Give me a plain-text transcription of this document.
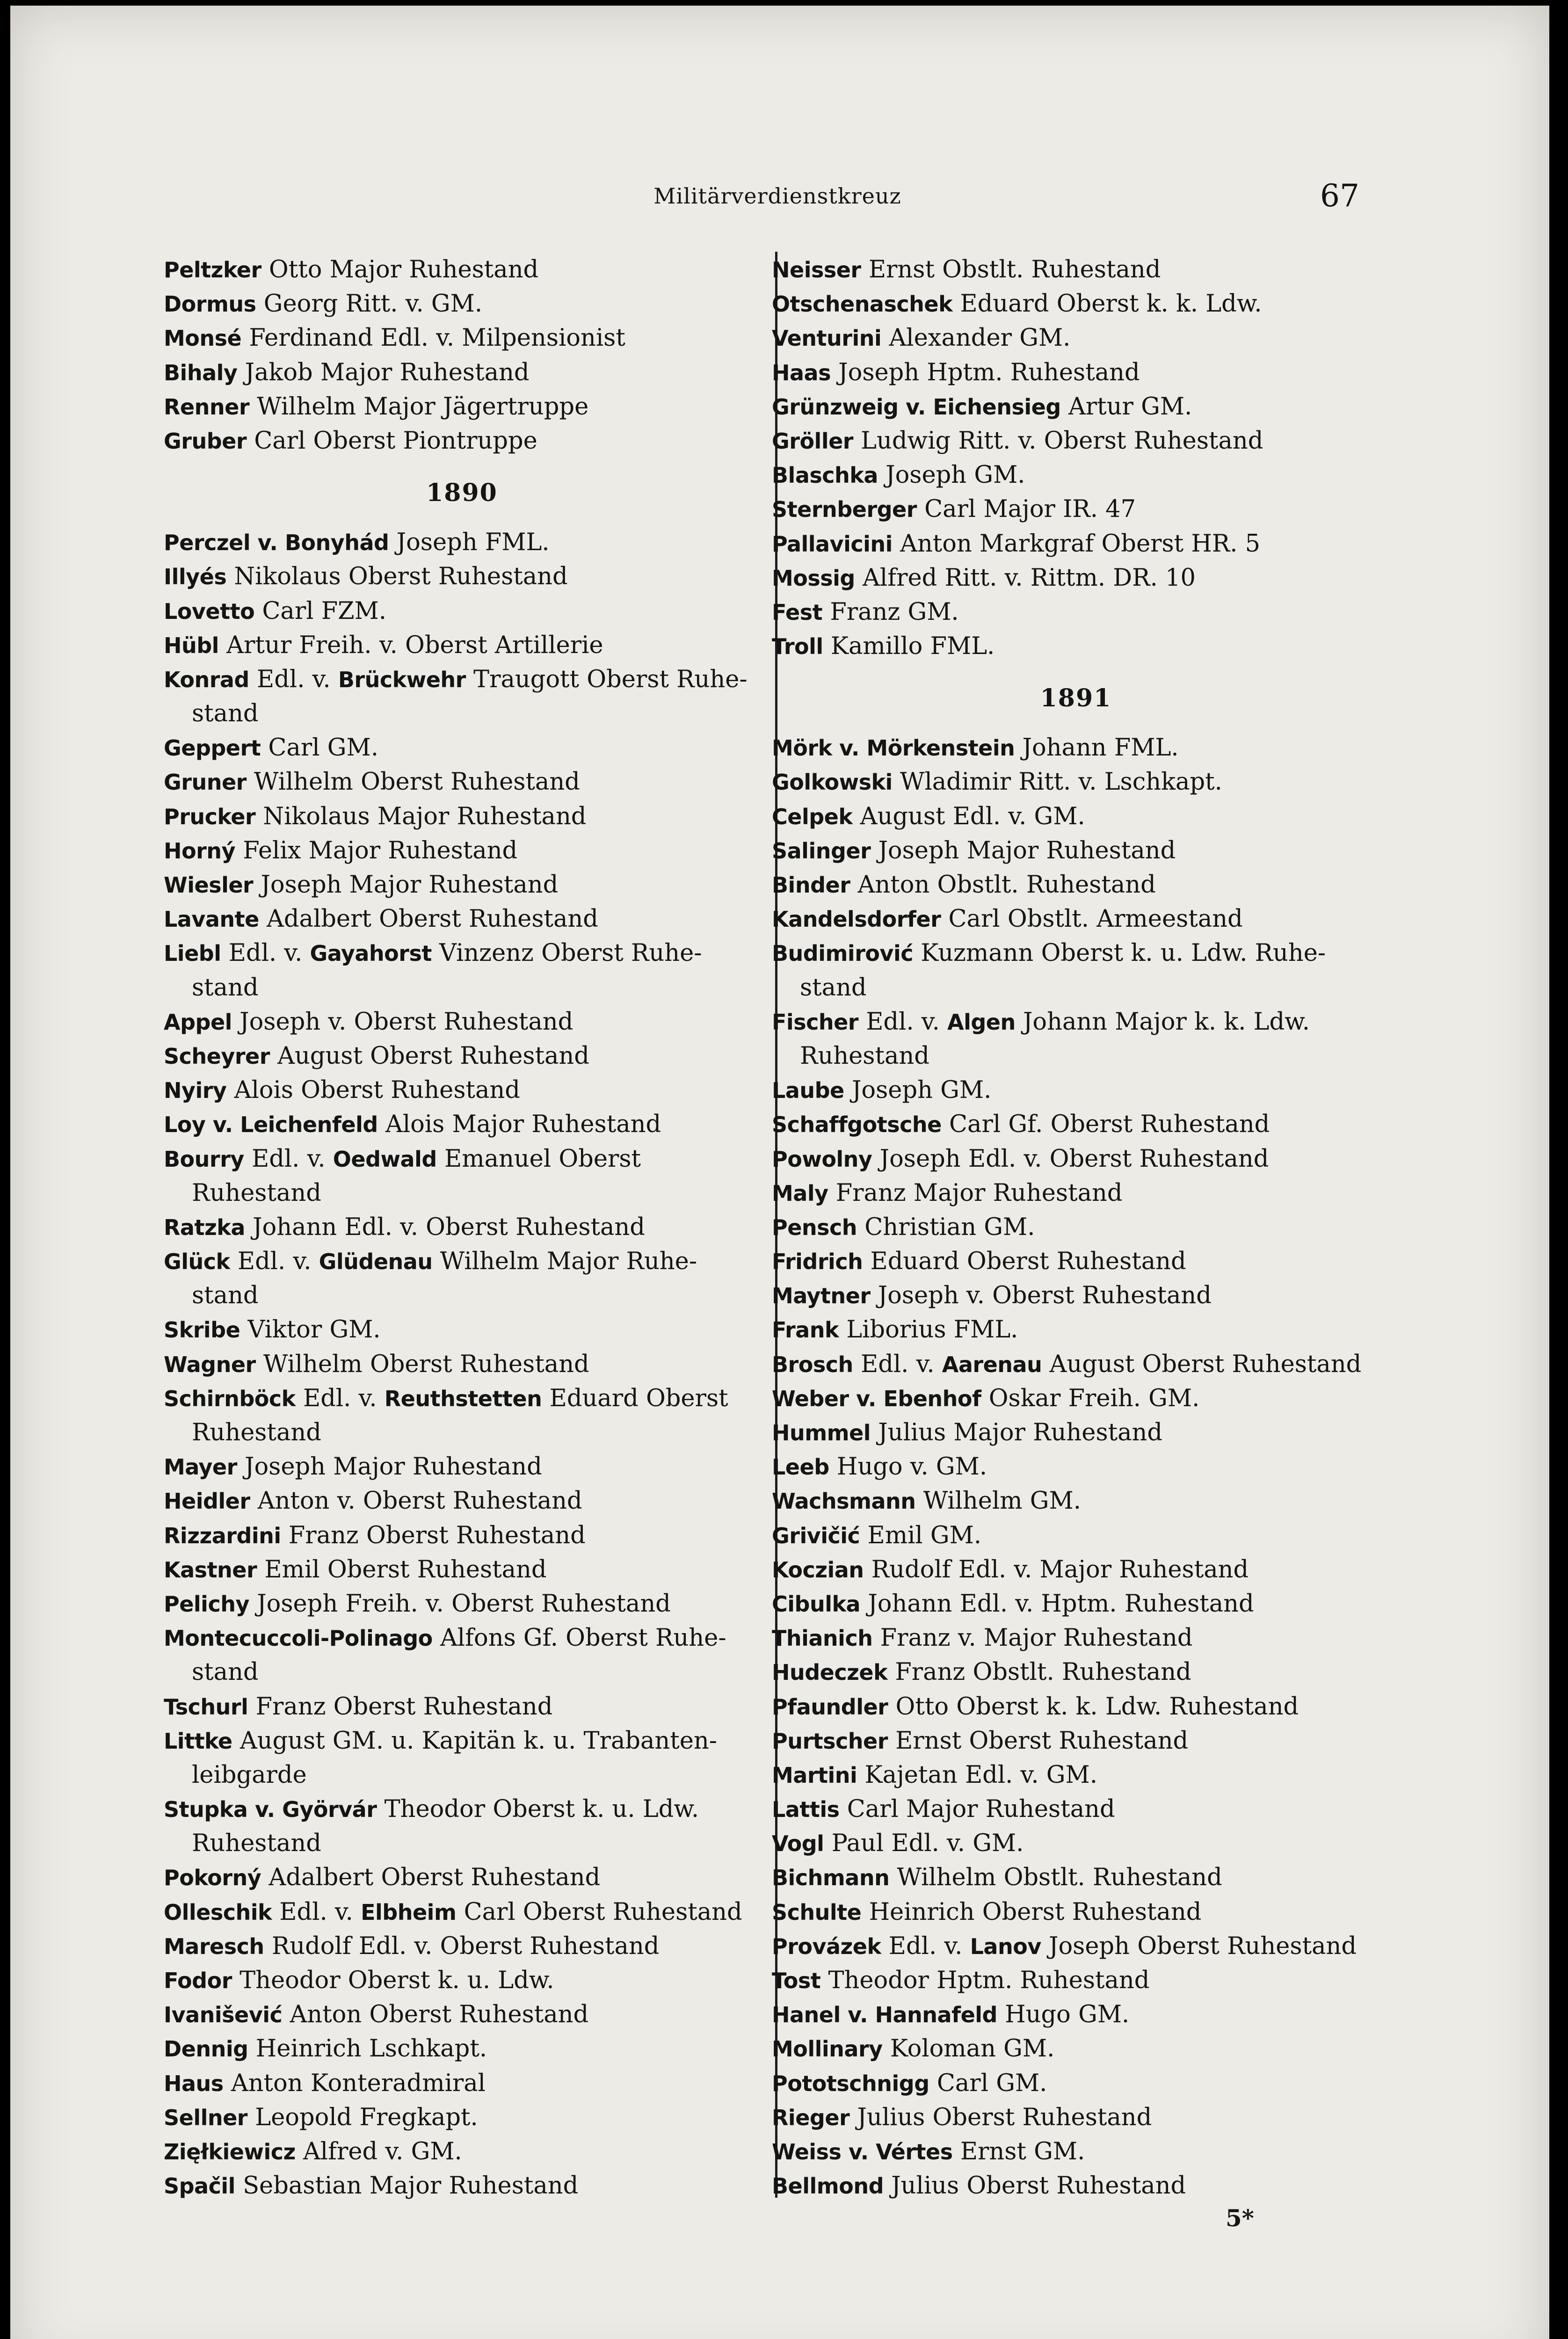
Militärverdienstkreuz	67
Peltzker Otto Major Ruhestand
Dormus Georg Ritt. v. GM.
Monsé Ferdinand Edl. v. Milpensionist
Bihaly Jakob Major Ruhestand
Renner Wilhelm Major Jägertruppe
Gruber Carl Oberst Piontruppe
1890
Perczel v. Bonyhád Joseph FML.
Illyés Nikolaus Oberst Ruhestand
Lovetto Carl FZM.
Hübl Artur Freih. v. Oberst Artillerie
Konrad Edl. v. Brückwehr Traugott Oberst Ruhe-
stand
Geppert Carl GM.
Gruner Wilhelm Oberst Ruhestand
Prucker Nikolaus Major Ruhestand
Horný Felix Major Ruhestand
Wiesler Joseph Major Ruhestand
Lavante Adalbert Oberst Ruhestand
Liebl Edl. v. Gayahorst Vinzenz Oberst Ruhe-
stand
Appel Joseph v. Oberst Ruhestand
Scheyrer August Oberst Ruhestand
Nyiry Alois Oberst Ruhestand
Loy v. Leichenfeld Alois Major Ruhestand
Bourry Edl. v. Oedwald Emanuel Oberst
Ruhestand
Ratzka Johann Edl. v. Oberst Ruhestand
Glück Edl. v. Glüdenau Wilhelm Major Ruhe-
stand
Skribe Viktor GM.
Wagner Wilhelm Oberst Ruhestand
Schirnböck Edl. v. Reuthstetten Eduard Oberst
Ruhestand
Mayer Joseph Major Ruhestand
Heidler Anton v. Oberst Ruhestand
Rizzardini Franz Oberst Ruhestand
Kastner Emil Oberst Ruhestand
Pelichy Joseph Freih. v. Oberst Ruhestand
Montecuccoli-Polinago Alfons Gf. Oberst Ruhe-
stand
Tschurl Franz Oberst Ruhestand
Littke August GM. u. Kapitän k. u. Trabanten-
leibgarde
Stupka v. Györvár Theodor Oberst k. u. Ldw.
Ruhestand
Pokorný Adalbert Oberst Ruhestand
Olleschik Edl. v. Elbheim Carl Oberst Ruhestand
Maresch Rudolf Edl. v. Oberst Ruhestand
Fodor Theodor Oberst k. u. Ldw.
Ivanišević Anton Oberst Ruhestand
Dennig Heinrich Lschkapt.
Haus Anton Konteradmiral
Sellner Leopold Fregkapt.
Zięłkiewicz Alfred v. GM.
Spačil Sebastian Major Ruhestand
Neisser Ernst Obstlt. Ruhestand
Otschenaschek Eduard Oberst k. k. Ldw.
Venturini Alexander GM.
Haas Joseph Hptm. Ruhestand
Grünzweig v. Eichensieg Artur GM.
Gröller Ludwig Ritt. v. Oberst Ruhestand
Blaschka Joseph GM.
Sternberger Carl Major IR. 47
Pallavicini Anton Markgraf Oberst HR. 5
Mossig Alfred Ritt. v. Rittm. DR. 10
Fest Franz GM.
Troll Kamillo FML.
1891
Mörk v. Mörkenstein Johann FML.
Golkowski Wladimir Ritt. v. Lschkapt.
Celpek August Edl. v. GM.
Salinger Joseph Major Ruhestand
Binder Anton Obstlt. Ruhestand
Kandelsdorfer Carl Obstlt. Armeestand
Budimirović Kuzmann Oberst k. u. Ldw. Ruhe-
stand
Fischer Edl. v. Algen Johann Major k. k. Ldw.
Ruhestand
Laube Joseph GM.
Schaffgotsche Carl Gf. Oberst Ruhestand
Powolny Joseph Edl. v. Oberst Ruhestand
Maly Franz Major Ruhestand
Pensch Christian GM.
Fridrich Eduard Oberst Ruhestand
Maytner Joseph v. Oberst Ruhestand
Frank Liborius FML.
Brosch Edl. v. Aarenau August Oberst Ruhestand
Weber v. Ebenhof Oskar Freih. GM.
Hummel Julius Major Ruhestand
Leeb Hugo v. GM.
Wachsmann Wilhelm GM.
Grivičić Emil GM.
Koczian Rudolf Edl. v. Major Ruhestand
Cibulka Johann Edl. v. Hptm. Ruhestand
Thianich Franz v. Major Ruhestand
Hudeczek Franz Obstlt. Ruhestand
Pfaundler Otto Oberst k. k. Ldw. Ruhestand
Purtscher Ernst Oberst Ruhestand
Martini Kajetan Edl. v. GM.
Lattis Carl Major Ruhestand
Vogl Paul Edl. v. GM.
Bichmann Wilhelm Obstlt. Ruhestand
Schulte Heinrich Oberst Ruhestand
Provázek Edl. v. Lanov Joseph Oberst Ruhestand
Tost Theodor Hptm. Ruhestand
Hanel v. Hannafeld Hugo GM.
Mollinary Koloman GM.
Pototschnigg Carl GM.
Rieger Julius Oberst Ruhestand
Weiss v. Vértes Ernst GM.
Bellmond Julius Oberst Ruhestand
5*
